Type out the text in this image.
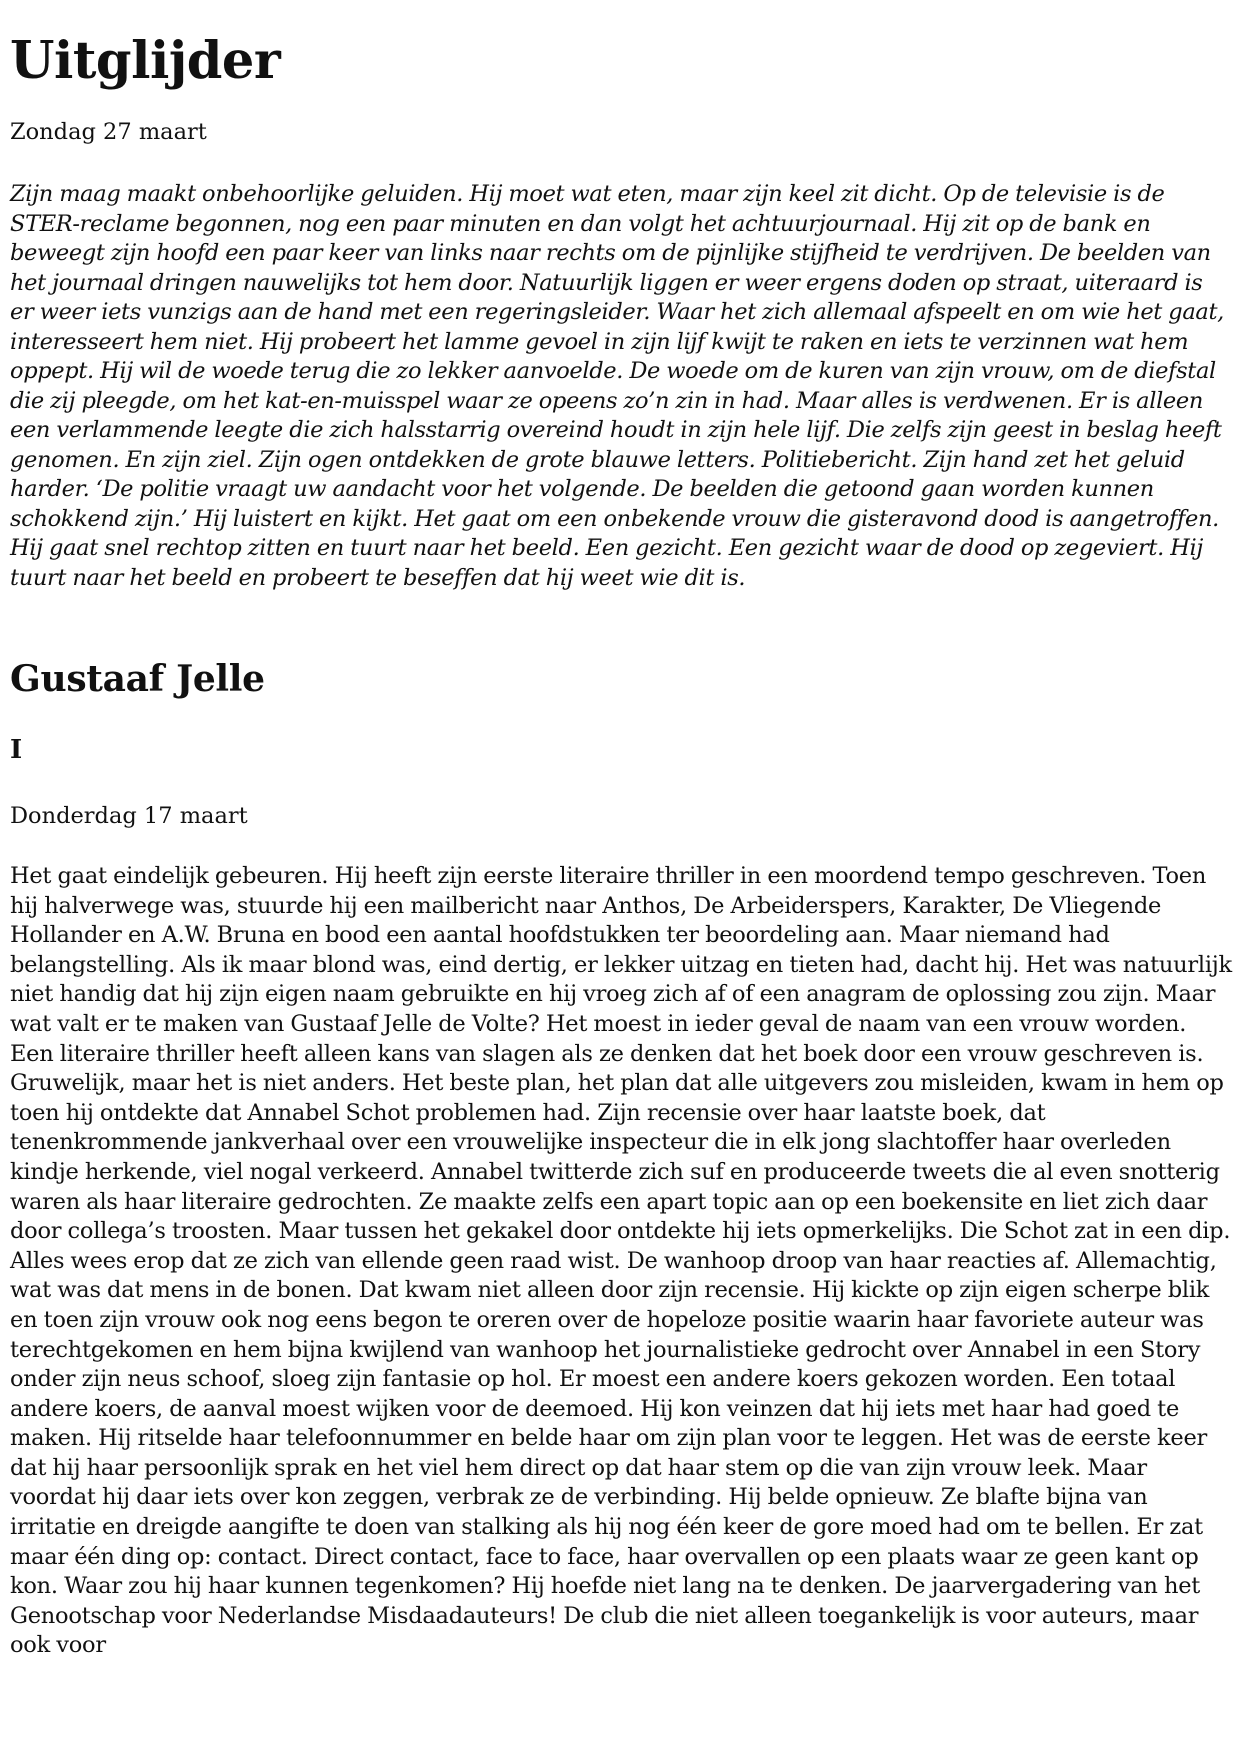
Uitglijder

Zondag 27 maart

Zijn maag maakt onbehoorlijke geluiden. Hij moet wat eten, maar zijn keel zit dicht. Op de televisie is de STER-reclame begonnen, nog een paar minuten en dan volgt het achtuurjournaal. Hij zit op de bank en beweegt zijn hoofd een paar keer van links naar rechts om de pijnlijke stijfheid te verdrijven. De beelden van het journaal dringen nauwelijks tot hem door. Natuurlijk liggen er weer ergens doden op straat, uiteraard is er weer iets vunzigs aan de hand met een regeringsleider. Waar het zich allemaal afspeelt en om wie het gaat, interesseert hem niet. Hij probeert het lamme gevoel in zijn lijf kwijt te raken en iets te verzinnen wat hem oppept. Hij wil de woede terug die zo lekker aanvoelde. De woede om de kuren van zijn vrouw, om de diefstal die zij pleegde, om het kat-en-muisspel waar ze opeens zo’n zin in had. Maar alles is verdwenen. Er is alleen een verlammende leegte die zich halsstarrig overeind houdt in zijn hele lijf. Die zelfs zijn geest in beslag heeft genomen. En zijn ziel. Zijn ogen ontdekken de grote blauwe letters. Politiebericht. Zijn hand zet het geluid harder. ‘De politie vraagt uw aandacht voor het volgende. De beelden die getoond gaan worden kunnen schokkend zijn.’ Hij luistert en kijkt. Het gaat om een onbekende vrouw die gisteravond dood is aangetroffen. Hij gaat snel rechtop zitten en tuurt naar het beeld. Een gezicht. Een gezicht waar de dood op zegeviert. Hij tuurt naar het beeld en probeert te beseffen dat hij weet wie dit is.

Gustaaf Jelle
I

Donderdag 17 maart

Het gaat eindelijk gebeuren. Hij heeft zijn eerste literaire thriller in een moordend tempo geschreven. Toen hij halverwege was, stuurde hij een mailbericht naar Anthos, De Arbeiderspers, Karakter, De Vliegende Hollander en A.W. Bruna en bood een aantal hoofdstukken ter beoordeling aan. Maar niemand had belangstelling. Als ik maar blond was, eind dertig, er lekker uitzag en tieten had, dacht hij. Het was natuurlijk niet handig dat hij zijn eigen naam gebruikte en hij vroeg zich af of een anagram de oplossing zou zijn. Maar wat valt er te maken van Gustaaf Jelle de Volte? Het moest in ieder geval de naam van een vrouw worden. Een literaire thriller heeft alleen kans van slagen als ze denken dat het boek door een vrouw geschreven is. Gruwelijk, maar het is niet anders. Het beste plan, het plan dat alle uitgevers zou misleiden, kwam in hem op toen hij ontdekte dat Annabel Schot problemen had. Zijn recensie over haar laatste boek, dat tenenkrommende jankverhaal over een vrouwelijke inspecteur die in elk jong slachtoffer haar overleden kindje herkende, viel nogal verkeerd. Annabel twitterde zich suf en produceerde tweets die al even snotterig waren als haar literaire gedrochten. Ze maakte zelfs een apart topic aan op een boekensite en liet zich daar door collega’s troosten. Maar tussen het gekakel door ontdekte hij iets opmerkelijks. Die Schot zat in een dip. Alles wees erop dat ze zich van ellende geen raad wist. De wanhoop droop van haar reacties af. Allemachtig, wat was dat mens in de bonen. Dat kwam niet alleen door zijn recensie. Hij kickte op zijn eigen scherpe blik en toen zijn vrouw ook nog eens begon te oreren over de hopeloze positie waarin haar favoriete auteur was terechtgekomen en hem bijna kwijlend van wanhoop het journalistieke gedrocht over Annabel in een Story onder zijn neus schoof, sloeg zijn fantasie op hol. Er moest een andere koers gekozen worden. Een totaal andere koers, de aanval moest wijken voor de deemoed. Hij kon veinzen dat hij iets met haar had goed te maken. Hij ritselde haar telefoonnummer en belde haar om zijn plan voor te leggen. Het was de eerste keer dat hij haar persoonlijk sprak en het viel hem direct op dat haar stem op die van zijn vrouw leek. Maar voordat hij daar iets over kon zeggen, verbrak ze de verbinding. Hij belde opnieuw. Ze blafte bijna van irritatie en dreigde aangifte te doen van stalking als hij nog één keer de gore moed had om te bellen. Er zat maar één ding op: contact. Direct contact, face to face, haar overvallen op een plaats waar ze geen kant op kon. Waar zou hij haar kunnen tegenkomen? Hij hoefde niet lang na te denken. De jaarvergadering van het Genootschap voor Nederlandse Misdaadauteurs! De club die niet alleen toegankelijk is voor auteurs, maar ook voor
